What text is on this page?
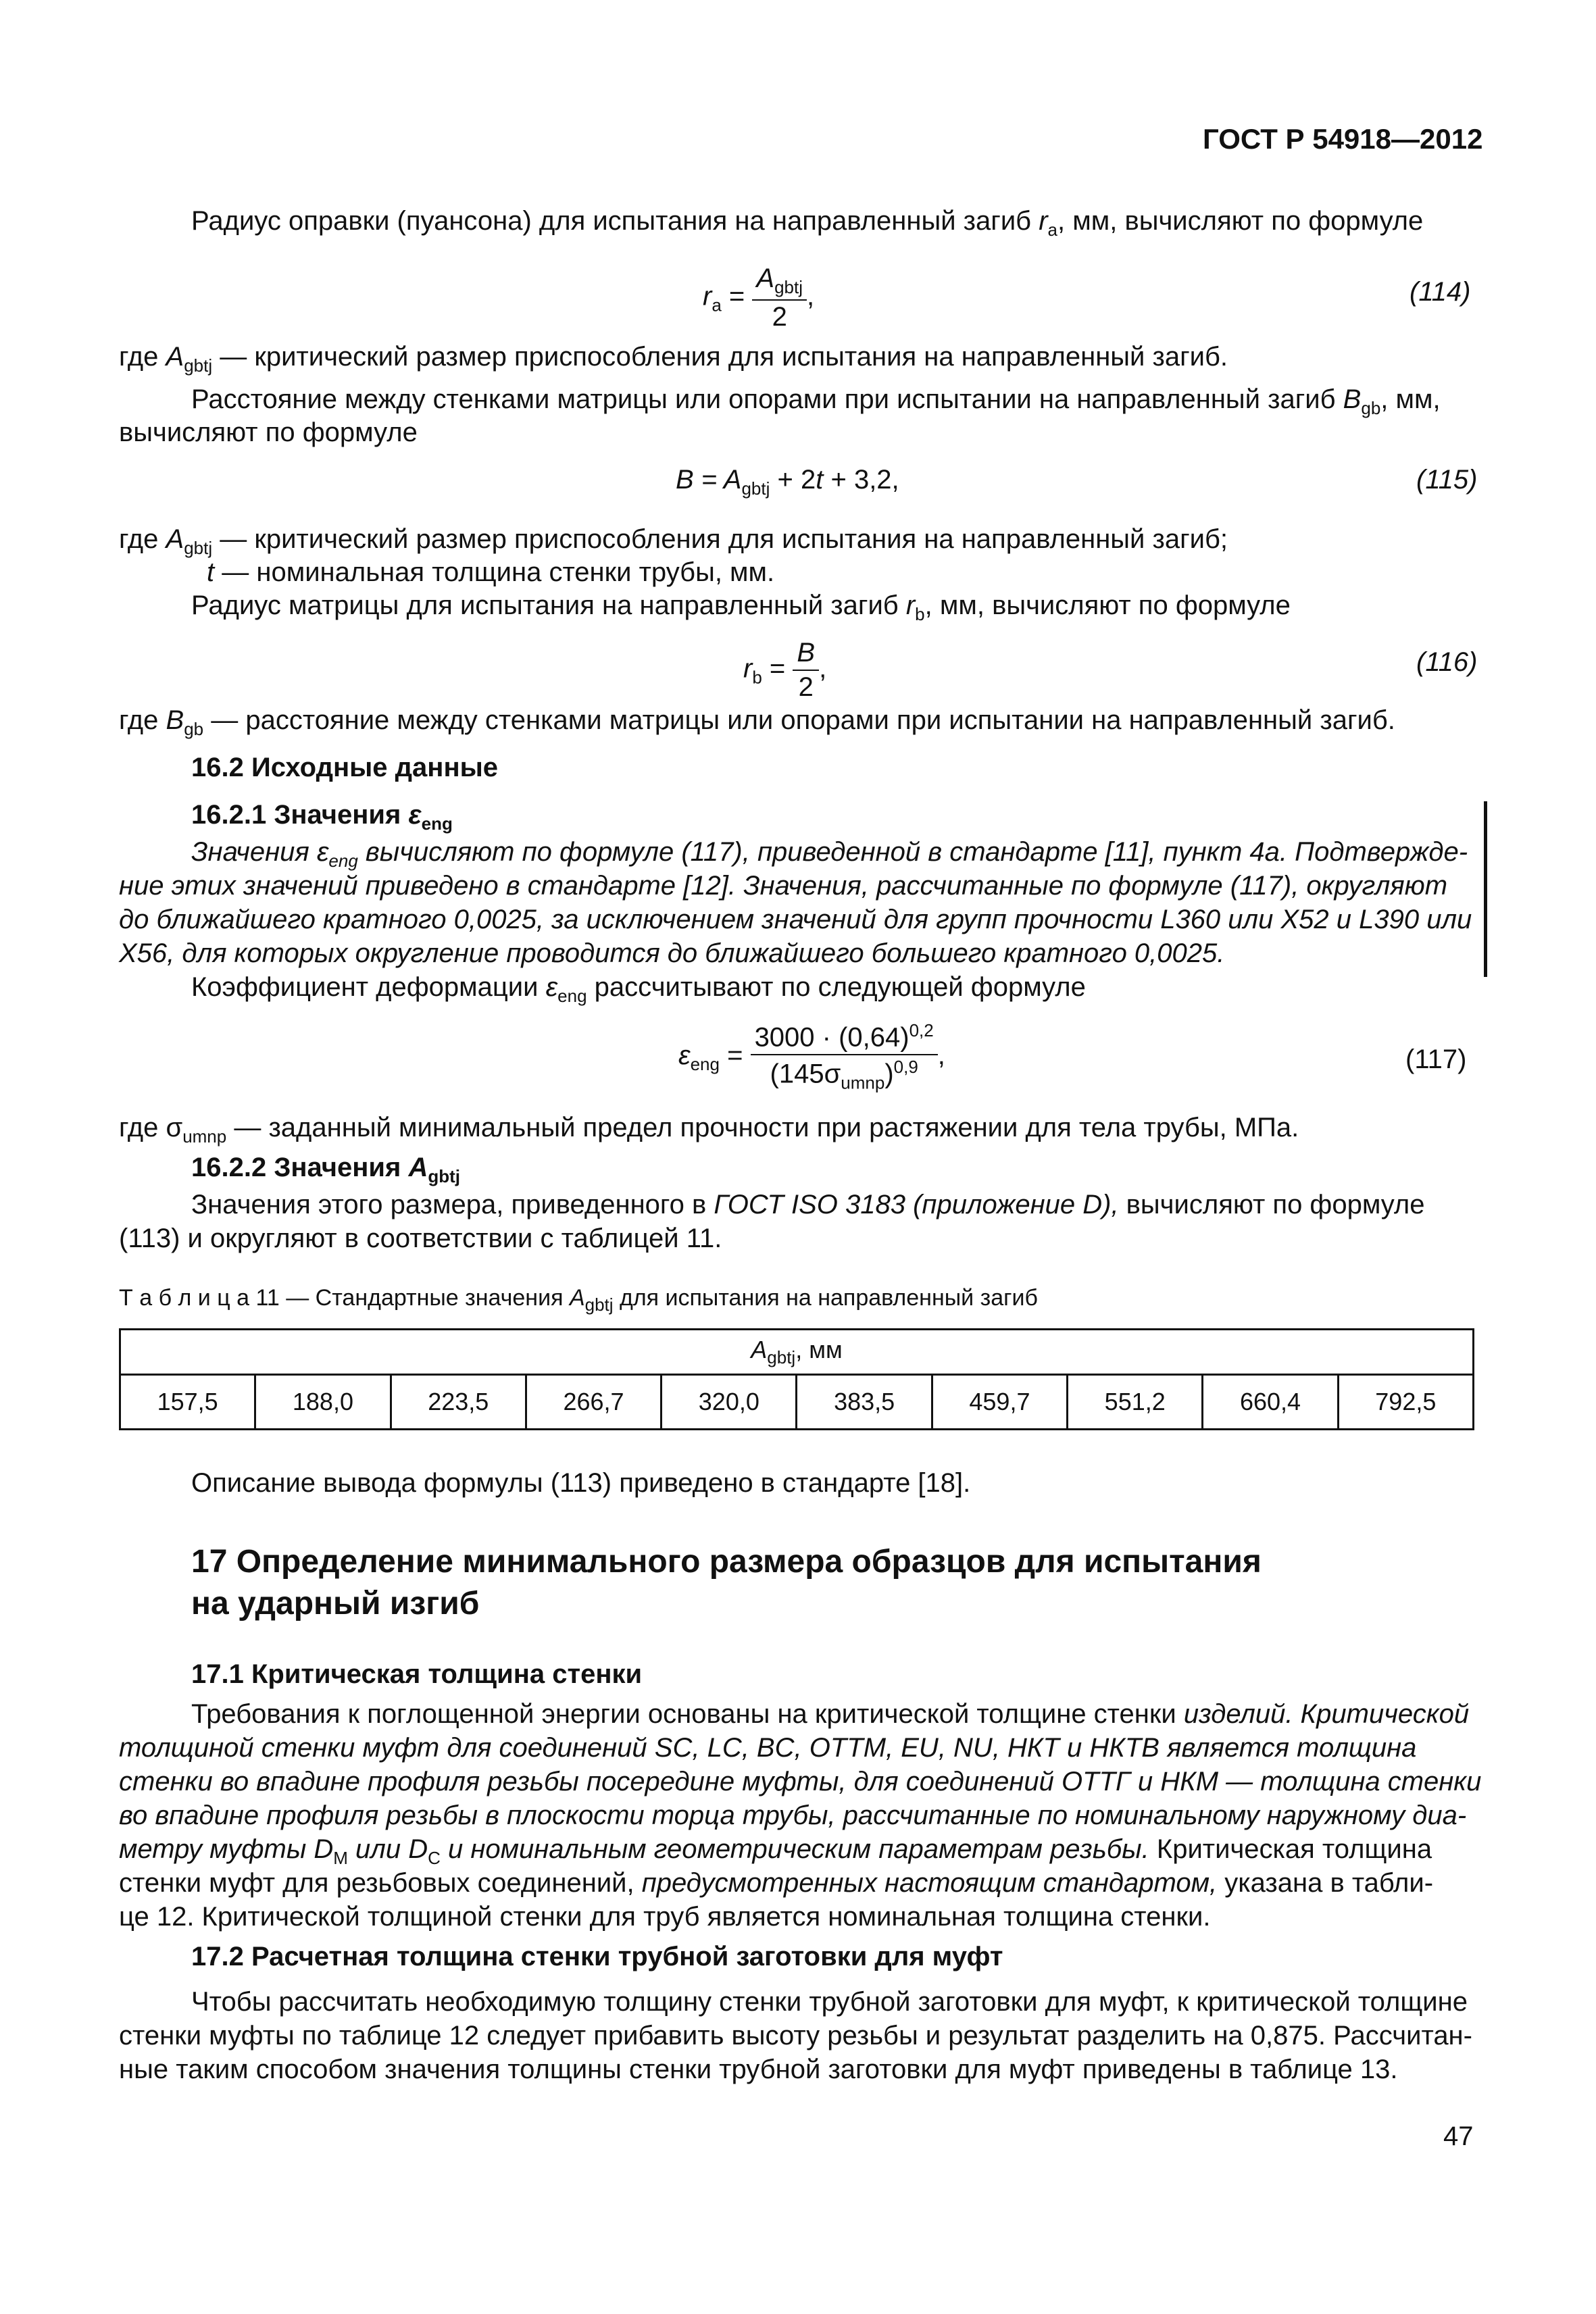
ГОСТ Р 54918—2012
Радиус оправки (пуансона) для испытания на направленный загиб $r_a$, мм, вычисляют по формуле
$r_a = \frac{A_{gbtj}}{2}$ ,	(114)
где $A_{gbtj}$ — критический размер приспособления для испытания на направленный загиб.
Расстояние между стенками матрицы или опорами при испытании на направленный загиб $B_{gb}$, мм,
вычисляют по формуле
$B = A_{gbtj} + 2t + 3,2$,	(115)
где $A_{gbtj}$ — критический размер приспособления для испытания на направленный загиб;
t — номинальная толщина стенки трубы, мм.
Радиус матрицы для испытания на направленный загиб $r_b$, мм, вычисляют по формуле
$r_b = \frac{B}{2}$ ,	(116)
где $B_{gb}$ — расстояние между стенками матрицы или опорами при испытании на направленный загиб.
16.2 Исходные данные
16.2.1 Значения $\varepsilon_{eng}$
Значения $\varepsilon_{eng}$ вычисляют по формуле (117), приведенной в стандарте [11], пункт 4а. Подтвержде-
ние этих значений приведено в стандарте [12]. Значения, рассчитанные по формуле (117), округляют
до ближайшего кратного 0,0025, за исключением значений для групп прочности L360 или X52 и L390 или
X56, для которых округление проводится до ближайшего большего кратного 0,0025.
Коэффициент деформации $\varepsilon_{eng}$ рассчитывают по следующей формуле
$\varepsilon_{eng} = \frac{3000 \cdot (0,64)^{0,2}}{(145\sigma_{umnp})^{0,9}}$ ,	(117)
где $\sigma_{umnp}$ — заданный минимальный предел прочности при растяжении для тела трубы, МПа.
16.2.2 Значения $A_{gbtj}$
Значения этого размера, приведенного в ГОСТ ISO 3183 (приложение D), вычисляют по формуле
(113) и округляют в соответствии с таблицей 11.
Т а б л и ц а 11 — Стандартные значения $A_{gbtj}$ для испытания на направленный загиб
$A_{gbtj}$, мм
157,5	188,0	223,5	266,7	320,0	383,5	459,7	551,2	660,4	792,5
Описание вывода формулы (113) приведено в стандарте [18].
17 Определение минимального размера образцов для испытания
на ударный изгиб
17.1 Критическая толщина стенки
Требования к поглощенной энергии основаны на критической толщине стенки изделий. Критической
толщиной стенки муфт для соединений SC, LC, BC, OTTM, EU, NU, НКТ и НКТВ является толщина
стенки во впадине профиля резьбы посередине муфты, для соединений ОТТГ и НКМ — толщина стенки
во впадине профиля резьбы в плоскости торца трубы, рассчитанные по номинальному наружному диа-
метру муфты $D_M$ или $D_C$ и номинальным геометрическим параметрам резьбы. Критическая толщина
стенки муфт для резьбовых соединений, предусмотренных настоящим стандартом, указана в табли-
це 12. Критической толщиной стенки для труб является номинальная толщина стенки.
17.2 Расчетная толщина стенки трубной заготовки для муфт
Чтобы рассчитать необходимую толщину стенки трубной заготовки для муфт, к критической толщине
стенки муфты по таблице 12 следует прибавить высоту резьбы и результат разделить на 0,875. Рассчитан-
ные таким способом значения толщины стенки трубной заготовки для муфт приведены в таблице 13.
47
